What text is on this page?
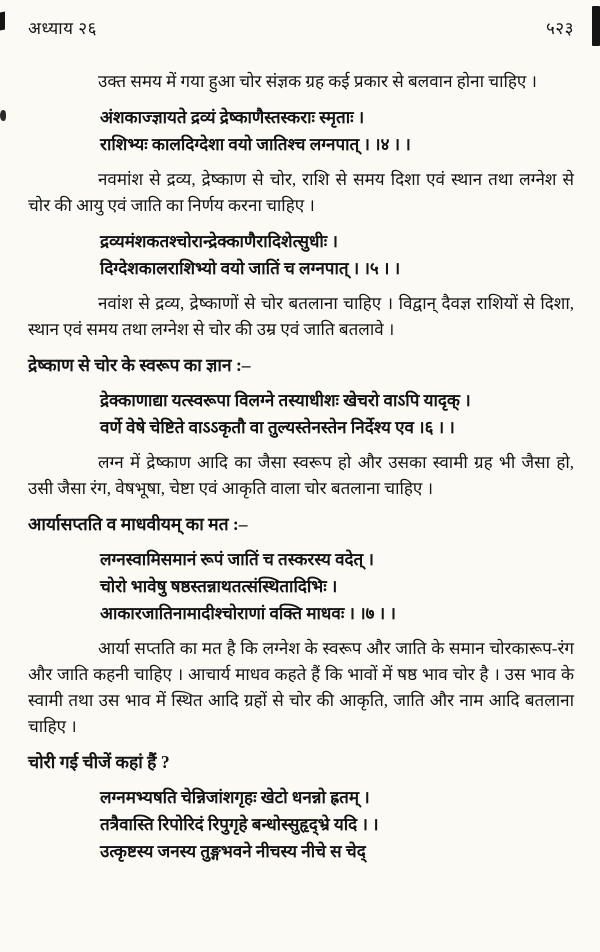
अध्याय २६	५२३

उक्त समय में गया हुआ चोर संज्ञक ग्रह कई प्रकार से बलवान होना चाहिए ।

अंशकाज्ज्ञायते द्रव्यं द्रेष्काणैस्तस्कराः स्मृताः ।
राशिभ्यः कालदिग्देशा वयो जातिश्च लग्नपात् । ।४ । ।

नवमांश से द्रव्य, द्रेष्काण से चोर, राशि से समय दिशा एवं स्थान तथा लग्नेश से चोर की आयु एवं जाति का निर्णय करना चाहिए ।

द्रव्यमंशकतश्चोरान्द्रेक्काणैरादिशेत्सुधीः ।
दिग्देशकालराशिभ्यो वयो जातिं च लग्नपात् । ।५ । ।

नवांश से द्रव्य, द्रेष्काणों से चोर बतलाना चाहिए । विद्वान् दैवज्ञ राशियों से दिशा, स्थान एवं समय तथा लग्नेश से चोर की उम्र एवं जाति बतलावे ।

द्रेष्काण से चोर के स्वरूप का ज्ञान :–
द्रेक्काणाद्या यत्स्वरूपा विलग्ने तस्याधीशः खेचरो वाऽपि यादृक् ।
वर्णे वेषे चेष्टिते वाऽऽकृतौ वा तुल्यस्तेनस्तेन निर्देश्य एव ।६ । ।

लग्न में द्रेष्काण आदि का जैसा स्वरूप हो और उसका स्वामी ग्रह भी जैसा हो, उसी जैसा रंग, वेषभूषा, चेष्टा एवं आकृति वाला चोर बतलाना चाहिए ।

आर्यासप्तति व माधवीयम् का मत :–
लग्नस्वामिसमानं रूपं जातिं च तस्करस्य वदेत् ।
चोरो भावेषु षष्ठस्तन्नाथतत्संस्थितादिभिः ।
आकारजातिनामादीश्चोराणां वक्ति माधवः । ।७ । ।

आर्या सप्तति का मत है कि लग्नेश के स्वरूप और जाति के समान चोरकारूप-रंग और जाति कहनी चाहिए । आचार्य माधव कहते हैं कि भावों में षष्ठ भाव चोर है । उस भाव के स्वामी तथा उस भाव में स्थित आदि ग्रहों से चोर की आकृति, जाति और नाम आदि बतलाना चाहिए ।

चोरी गई चीजें कहां हैं ?
लग्नमभ्यषति चेन्निजांशगृहः खेटो धनन्नो ह्रतम् ।
तत्रैवास्ति रिपोरिदं रिपुगृहे बन्धोस्सुहृद्भ्रे यदि । ।
उत्कृष्टस्य जनस्य तुङ्गभवने नीचस्य नीचे स चेद्
